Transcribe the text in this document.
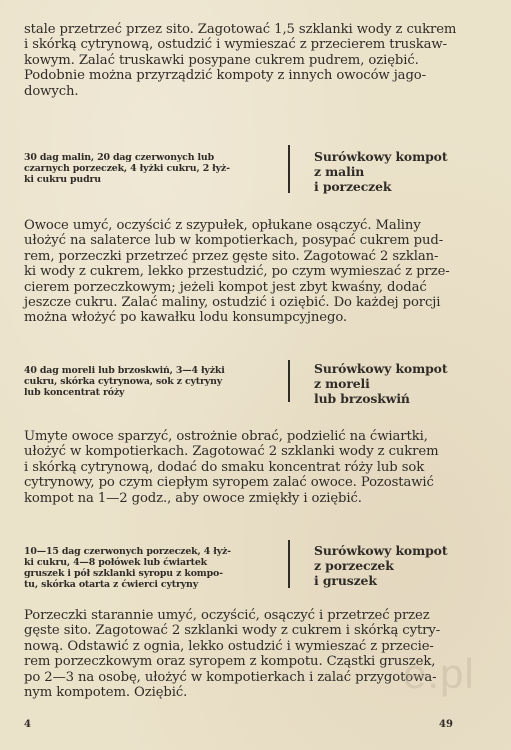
stale przetrzeć przez sito. Zagotować 1,5 szklanki wody z cukrem
i skórką cytrynową, ostudzić i wymieszać z przecierem truskaw-
kowym. Zalać truskawki posypane cukrem pudrem, oziębić.
Podobnie można przyrządzić kompoty z innych owoców jago-
dowych.

30 dag malin, 20 dag czerwonych lub
czarnych porzeczek, 4 łyżki cukru, 2 łyż-
ki cukru pudru
Surówkowy kompot
z malin
i porzeczek

Owoce umyć, oczyścić z szypułek, opłukane osączyć. Maliny
ułożyć na salaterce lub w kompotierkach, posypać cukrem pud-
rem, porzeczki przetrzeć przez gęste sito. Zagotować 2 szklan-
ki wody z cukrem, lekko przestudzić, po czym wymieszać z prze-
cierem porzeczkowym; jeżeli kompot jest zbyt kwaśny, dodać
jeszcze cukru. Zalać maliny, ostudzić i oziębić. Do każdej porcji
można włożyć po kawałku lodu konsumpcyjnego.

40 dag moreli lub brzoskwiń, 3—4 łyżki
cukru, skórka cytrynowa, sok z cytryny
lub koncentrat róży
Surówkowy kompot
z moreli
lub brzoskwiń

Umyte owoce sparzyć, ostrożnie obrać, podzielić na ćwiartki,
ułożyć w kompotierkach. Zagotować 2 szklanki wody z cukrem
i skórką cytrynową, dodać do smaku koncentrat róży lub sok
cytrynowy, po czym ciepłym syropem zalać owoce. Pozostawić
kompot na 1—2 godz., aby owoce zmiękły i oziębić.

10—15 dag czerwonych porzeczek, 4 łyż-
ki cukru, 4—8 połówek lub ćwiartek
gruszek i pół szklanki syropu z kompo-
tu, skórka otarta z ćwierci cytryny
Surówkowy kompot
z porzeczek
i gruszek

Porzeczki starannie umyć, oczyścić, osączyć i przetrzeć przez
gęste sito. Zagotować 2 szklanki wody z cukrem i skórką cytry-
nową. Odstawić z ognia, lekko ostudzić i wymieszać z przecie-
rem porzeczkowym oraz syropem z kompotu. Cząstki gruszek,
po 2—3 na osobę, ułożyć w kompotierkach i zalać przygotowa-
nym kompotem. Oziębić.

4	49
e.pl
